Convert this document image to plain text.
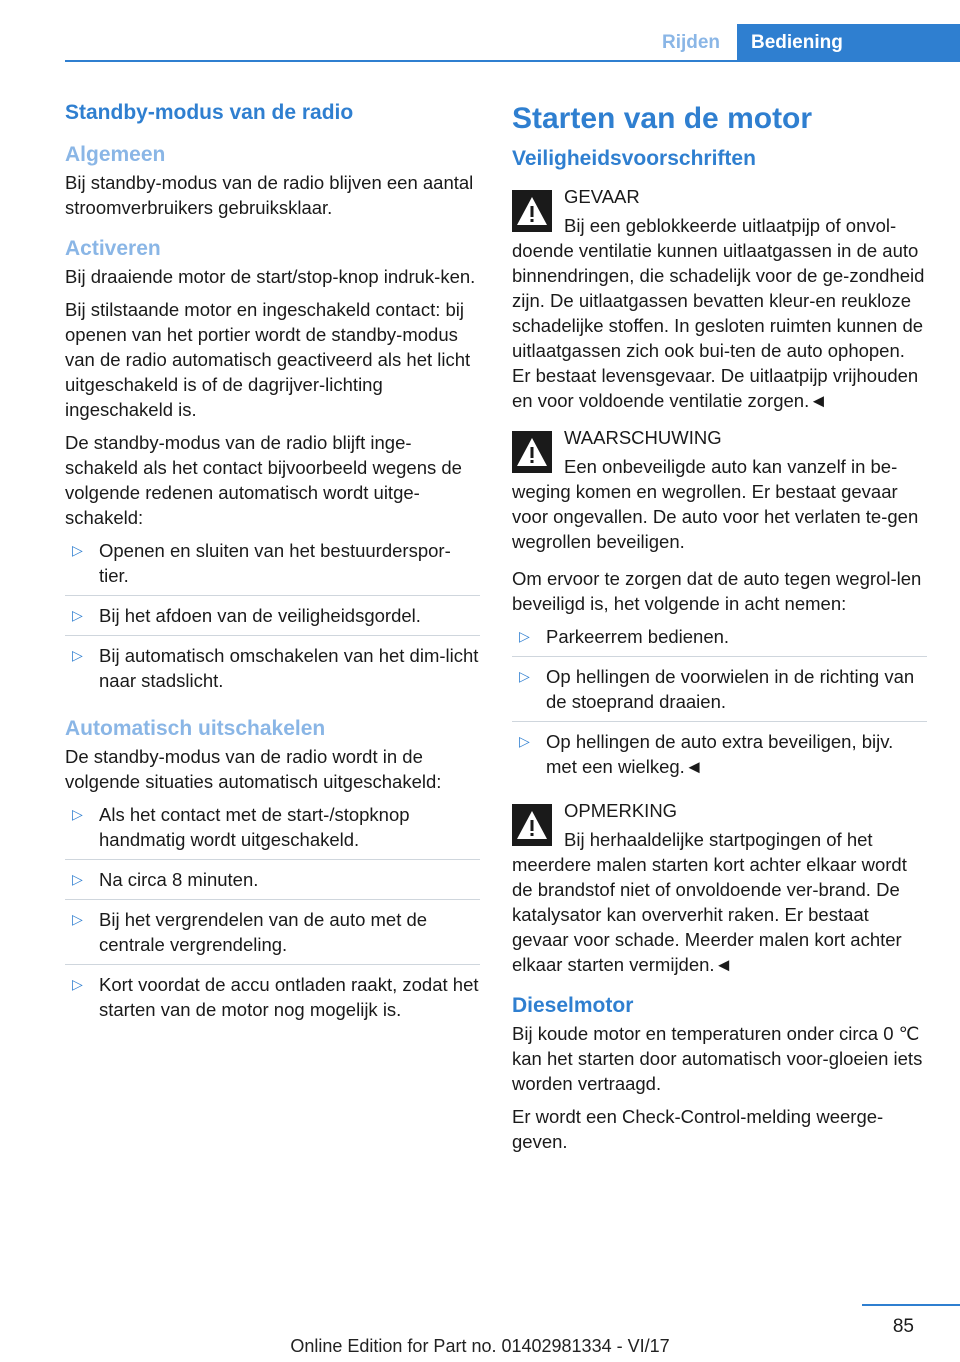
Rijden	Bediening
Standby-modus van de radio
Algemeen

Bij standby-modus van de radio blijven een aantal stroomverbruikers gebruiksklaar.

Activeren

Bij draaiende motor de start/stop-knop indruk-ken.

Bij stilstaande motor en ingeschakeld contact: bij openen van het portier wordt de standby-modus van de radio automatisch geactiveerd als het licht uitgeschakeld is of de dagrijver-lichting ingeschakeld is.

De standby-modus van de radio blijft inge-schakeld als het contact bijvoorbeeld wegens de volgende redenen automatisch wordt uitge-schakeld:

▷ Openen en sluiten van het bestuurderspor-tier.
▷ Bij het afdoen van de veiligheidsgordel.
▷ Bij automatisch omschakelen van het dim-licht naar stadslicht.
Automatisch uitschakelen

De standby-modus van de radio wordt in de volgende situaties automatisch uitgeschakeld:

▷ Als het contact met de start-/stopknop handmatig wordt uitgeschakeld.
▷ Na circa 8 minuten.
▷ Bij het vergrendelen van de auto met de centrale vergrendeling.
▷ Kort voordat de accu ontladen raakt, zodat het starten van de motor nog mogelijk is.
Starten van de motor
Veiligheidsvoorschriften
GEVAAR

Bij een geblokkeerde uitlaatpijp of onvol-doende ventilatie kunnen uitlaatgassen in de auto binnendringen, die schadelijk voor de ge-zondheid zijn. De uitlaatgassen bevatten kleur-en reukloze schadelijke stoffen. In gesloten ruimten kunnen de uitlaatgassen zich ook bui-ten de auto ophopen. Er bestaat levensgevaar. De uitlaatpijp vrijhouden en voor voldoende ventilatie zorgen.◄

WAARSCHUWING

Een onbeveiligde auto kan vanzelf in be-weging komen en wegrollen. Er bestaat gevaar voor ongevallen. De auto voor het verlaten te-gen wegrollen beveiligen.

Om ervoor te zorgen dat de auto tegen wegrol-len beveiligd is, het volgende in acht nemen:

▷ Parkeerrem bedienen.
▷ Op hellingen de voorwielen in de richting van de stoeprand draaien.
▷ Op hellingen de auto extra beveiligen, bijv. met een wielkeg.◄
OPMERKING

Bij herhaaldelijke startpogingen of het meerdere malen starten kort achter elkaar wordt de brandstof niet of onvoldoende ver-brand. De katalysator kan oververhit raken. Er bestaat gevaar voor schade. Meerder malen kort achter elkaar starten vermijden.◄

Dieselmotor

Bij koude motor en temperaturen onder circa 0 ℃ kan het starten door automatisch voor-gloeien iets worden vertraagd.

Er wordt een Check-Control-melding weerge-geven.

85
Online Edition for Part no. 01402981334 - VI/17
